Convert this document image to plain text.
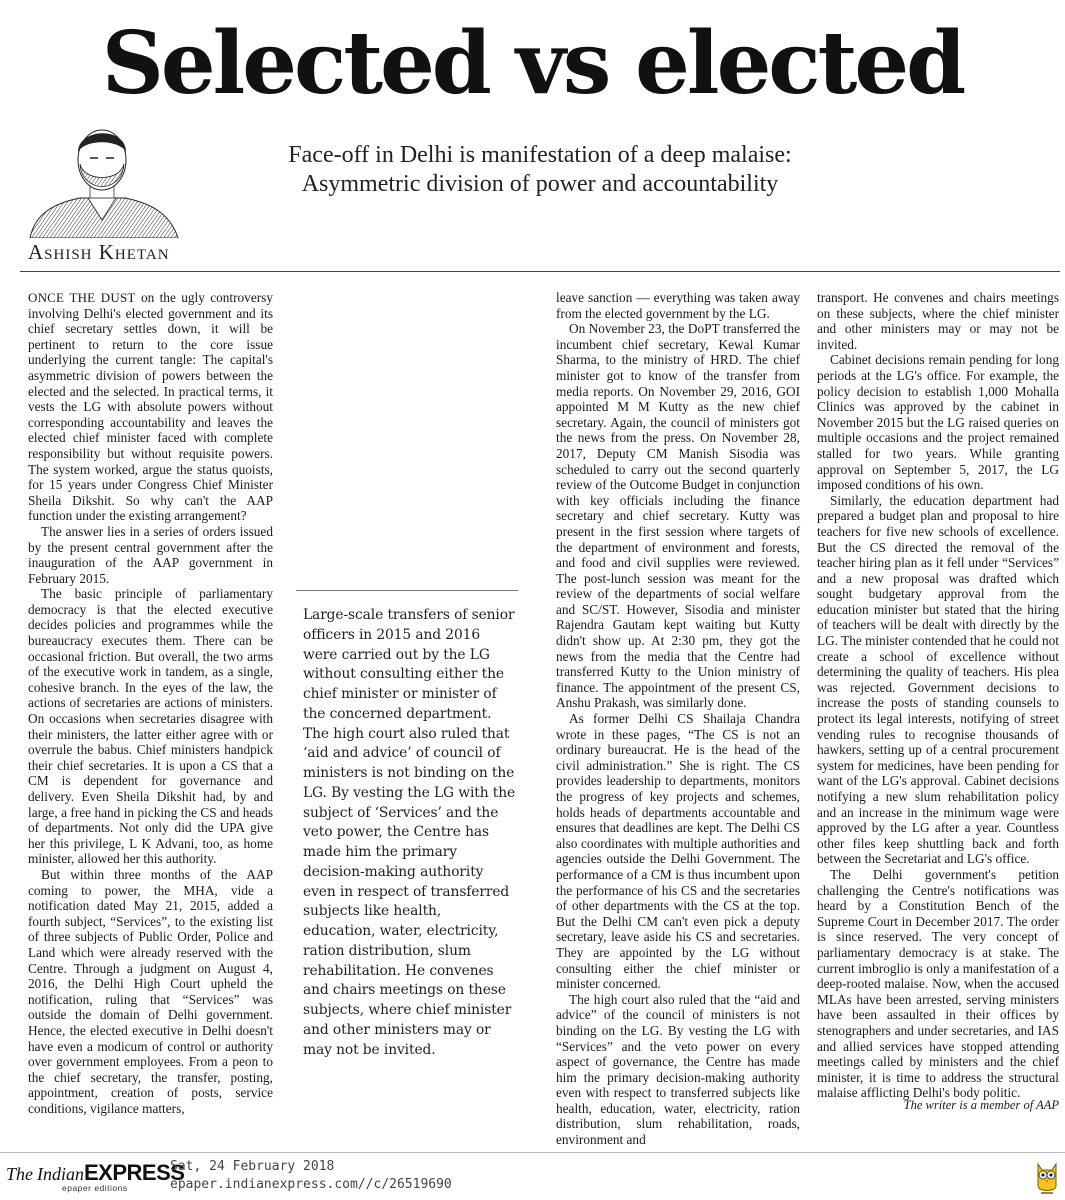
Selected vs elected

Face-off in Delhi is manifestation of a deep malaise:
Asymmetric division of power and accountability

Ashish Khetan

ONCE THE DUST on the ugly controversy involving Delhi's elected government and its chief secretary settles down, it will be pertinent to return to the core issue underlying the current tangle: The capital's asymmetric division of powers between the elected and the selected. In practical terms, it vests the LG with absolute powers without corresponding accountability and leaves the elected chief minister faced with complete responsibility but without requisite powers. The system worked, argue the status quoists, for 15 years under Congress Chief Minister Sheila Dikshit. So why can't the AAP function under the existing arrangement?

The answer lies in a series of orders issued by the present central government after the inauguration of the AAP government in February 2015.

The basic principle of parliamentary democracy is that the elected executive decides policies and programmes while the bureaucracy executes them. There can be occasional friction. But overall, the two arms of the executive work in tandem, as a single, cohesive branch. In the eyes of the law, the actions of secretaries are actions of ministers. On occasions when secretaries disagree with their ministers, the latter either agree with or overrule the babus. Chief ministers handpick their chief secretaries. It is upon a CS that a CM is dependent for governance and delivery. Even Sheila Dikshit had, by and large, a free hand in picking the CS and heads of departments. Not only did the UPA give her this privilege, L K Advani, too, as home minister, allowed her this authority.

But within three months of the AAP coming to power, the MHA, vide a notification dated May 21, 2015, added a fourth subject, “Services”, to the existing list of three subjects of Public Order, Police and Land which were already reserved with the Centre. Through a judgment on August 4, 2016, the Delhi High Court upheld the notification, ruling that “Services” was outside the domain of Delhi government. Hence, the elected executive in Delhi doesn't have even a modicum of control or authority over government employees. From a peon to the chief secretary, the transfer, posting, appointment, creation of posts, service conditions, vigilance matters,

Large-scale transfers of senior officers in 2015 and 2016 were carried out by the LG without consulting either the chief minister or minister of the concerned department. The high court also ruled that ‘aid and advice’ of council of ministers is not binding on the LG. By vesting the LG with the subject of ‘Services’ and the veto power, the Centre has made him the primary decision-making authority even in respect of transferred subjects like health, education, water, electricity, ration distribution, slum rehabilitation. He convenes and chairs meetings on these subjects, where chief minister and other ministers may or may not be invited.

leave sanction — everything was taken away from the elected government by the LG.

On November 23, the DoPT transferred the incumbent chief secretary, Kewal Kumar Sharma, to the ministry of HRD. The chief minister got to know of the transfer from media reports. On November 29, 2016, GOI appointed M M Kutty as the new chief secretary. Again, the council of ministers got the news from the press. On November 28, 2017, Deputy CM Manish Sisodia was scheduled to carry out the second quarterly review of the Outcome Budget in conjunction with key officials including the finance secretary and chief secretary. Kutty was present in the first session where targets of the department of environment and forests, and food and civil supplies were reviewed. The post-lunch session was meant for the review of the departments of social welfare and SC/ST. However, Sisodia and minister Rajendra Gautam kept waiting but Kutty didn't show up. At 2:30 pm, they got the news from the media that the Centre had transferred Kutty to the Union ministry of finance. The appointment of the present CS, Anshu Prakash, was similarly done.

As former Delhi CS Shailaja Chandra wrote in these pages, “The CS is not an ordinary bureaucrat. He is the head of the civil administration.” She is right. The CS provides leadership to departments, monitors the progress of key projects and schemes, holds heads of departments accountable and ensures that deadlines are kept. The Delhi CS also coordinates with multiple authorities and agencies outside the Delhi Government. The performance of a CM is thus incumbent upon the performance of his CS and the secretaries of other departments with the CS at the top. But the Delhi CM can't even pick a deputy secretary, leave aside his CS and secretaries. They are appointed by the LG without consulting either the chief minister or minister concerned.

The high court also ruled that the “aid and advice” of the council of ministers is not binding on the LG. By vesting the LG with “Services” and the veto power on every aspect of governance, the Centre has made him the primary decision-making authority even with respect to transferred subjects like health, education, water, electricity, ration distribution, slum rehabilitation, roads, environment and

transport. He convenes and chairs meetings on these subjects, where the chief minister and other ministers may or may not be invited.

Cabinet decisions remain pending for long periods at the LG's office. For example, the policy decision to establish 1,000 Mohalla Clinics was approved by the cabinet in November 2015 but the LG raised queries on multiple occasions and the project remained stalled for two years. While granting approval on September 5, 2017, the LG imposed conditions of his own.

Similarly, the education department had prepared a budget plan and proposal to hire teachers for five new schools of excellence. But the CS directed the removal of the teacher hiring plan as it fell under “Services” and a new proposal was drafted which sought budgetary approval from the education minister but stated that the hiring of teachers will be dealt with directly by the LG. The minister contended that he could not create a school of excellence without determining the quality of teachers. His plea was rejected. Government decisions to increase the posts of standing counsels to protect its legal interests, notifying of street vending rules to recognise thousands of hawkers, setting up of a central procurement system for medicines, have been pending for want of the LG's approval. Cabinet decisions notifying a new slum rehabilitation policy and an increase in the minimum wage were approved by the LG after a year. Countless other files keep shuttling back and forth between the Secretariat and LG's office.

The Delhi government's petition challenging the Centre's notifications was heard by a Constitution Bench of the Supreme Court in December 2017. The order is since reserved. The very concept of parliamentary democracy is at stake. The current imbroglio is only a manifestation of a deep-rooted malaise. Now, when the accused MLAs have been arrested, serving ministers have been assaulted in their offices by stenographers and under secretaries, and IAS and allied services have stopped attending meetings called by ministers and the chief minister, it is time to address the structural malaise afflicting Delhi's body politic.

The writer is a member of AAP

The IndianEXPRESS
epaper editions

Sat, 24 February 2018

epaper.indianexpress.com//c/26519690
